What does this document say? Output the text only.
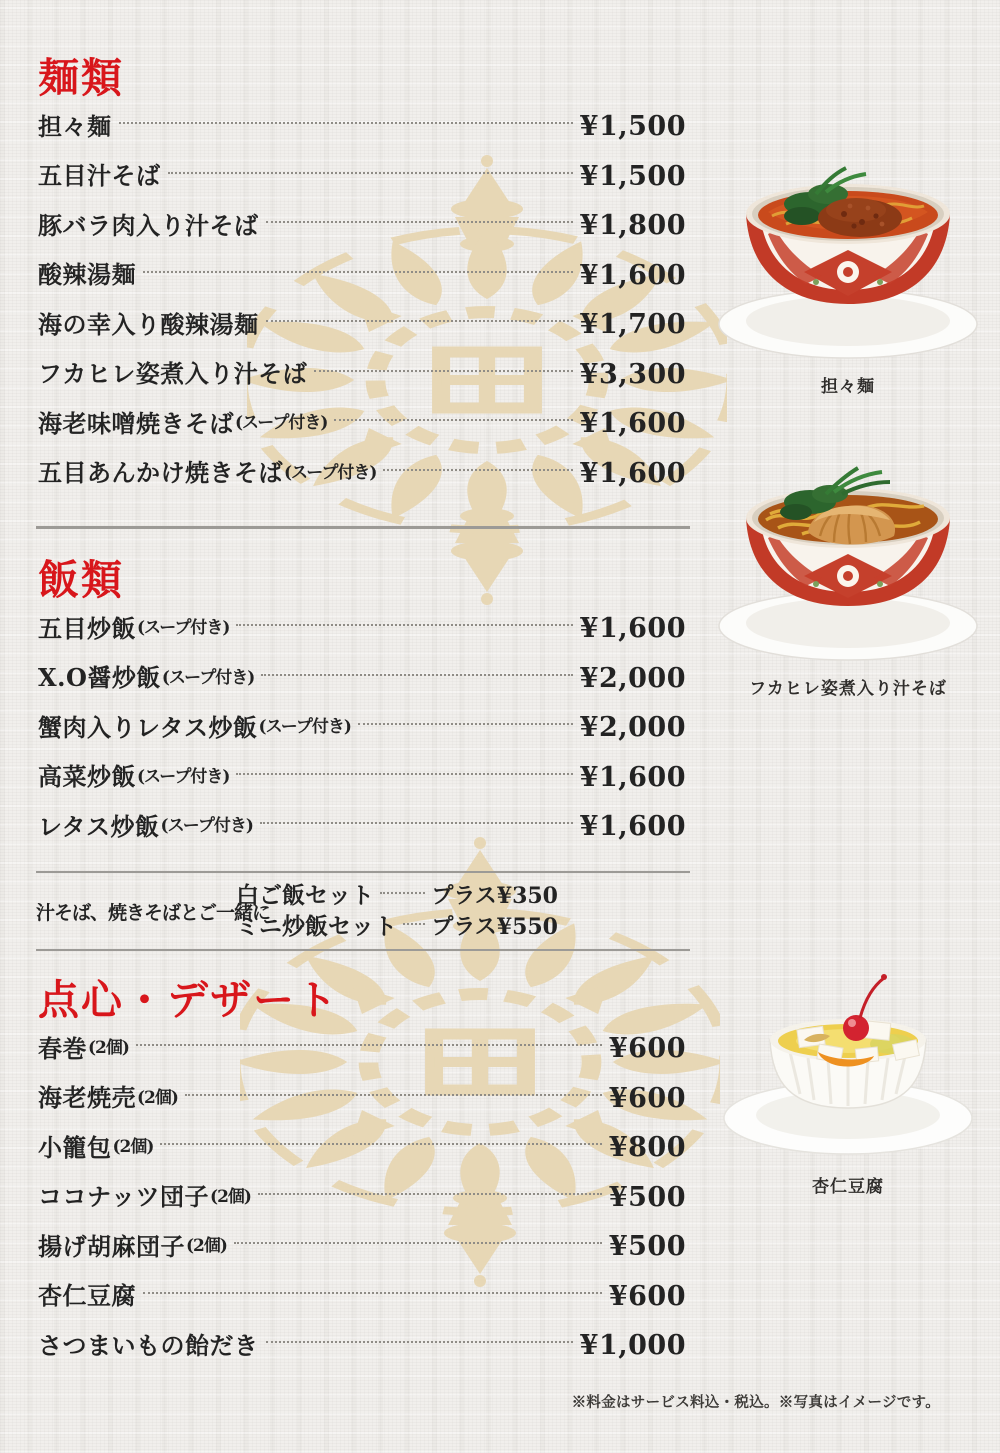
麺類
担々麺	¥1,500
五目汁そば	¥1,500
豚バラ肉入り汁そば	¥1,800
酸辣湯麺	¥1,600
海の幸入り酸辣湯麺	¥1,700
フカヒレ姿煮入り汁そば	¥3,300
海老味噌焼きそば (スープ付き)	¥1,600
五目あんかけ焼きそば (スープ付き)	¥1,600
飯類
五目炒飯 (スープ付き)	¥1,600
X.O醤炒飯 (スープ付き)	¥2,000
蟹肉入りレタス炒飯 (スープ付き)	¥2,000
高菜炒飯 (スープ付き)	¥1,600
レタス炒飯 (スープ付き)	¥1,600
汁そば、焼きそばとご一緒に
白ご飯セット	プラス¥350
ミニ炒飯セット プラス¥550
点心・デザート
春巻 (2個)	¥600
海老焼売 (2個)	¥600
小籠包 (2個)	¥800
ココナッツ団子 (2個)	¥500
揚げ胡麻団子 (2個)	¥500
杏仁豆腐	¥600
さつまいもの飴だき	¥1,000
担々麺
フカヒレ姿煮入り汁そば
杏仁豆腐
※料金はサービス料込・税込。※写真はイメージです。
